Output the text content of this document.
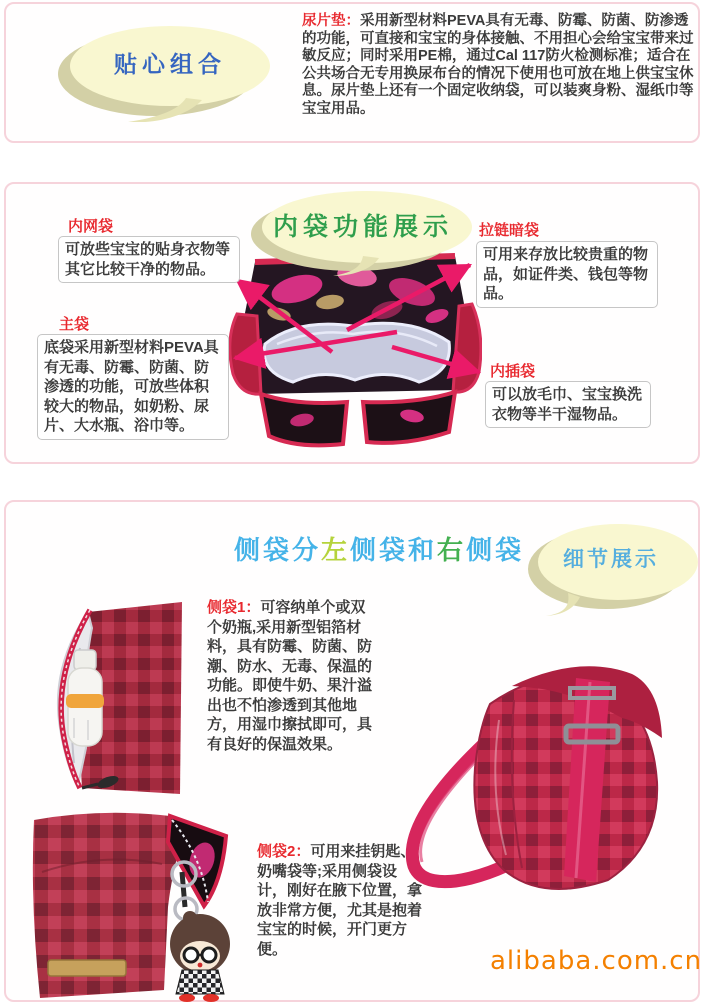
贴心组合
尿片垫：采用新型材料PEVA具有无毒、防霉、防菌、防渗透的功能，可直接和宝宝的身体接触、不用担心会给宝宝带来过敏反应；同时采用PE棉，通过Cal 117防火检测标准；适合在公共场合无专用换尿布台的情况下使用也可放在地上供宝宝休息。尿片垫上还有一个固定收纳袋，可以装爽身粉、湿纸巾等宝宝用品。
内袋功能展示
内网袋
可放些宝宝的贴身衣物等其它比较干净的物品。
拉链暗袋
可用来存放比较贵重的物品，如证件类、钱包等物品。
主袋
底袋采用新型材料PEVA具有无毒、防霉、防菌、防渗透的功能，可放些体积较大的物品，如奶粉、尿片、大水瓶、浴巾等。
内插袋
可以放毛巾、宝宝换洗衣物等半干湿物品。
侧袋分左侧袋和右侧袋	细节展示
侧袋1：可容纳单个或双个奶瓶,采用新型铝箔材料，具有防霉、防菌、防潮、防水、无毒、保温的功能。即使牛奶、果汁溢出也不怕渗透到其他地方，用湿巾擦拭即可，具有良好的保温效果。
侧袋2：可用来挂钥匙、奶嘴袋等;采用侧袋设计，刚好在腋下位置，拿放非常方便，尤其是抱着宝宝的时候，开门更方便。	alibaba.com.cn
